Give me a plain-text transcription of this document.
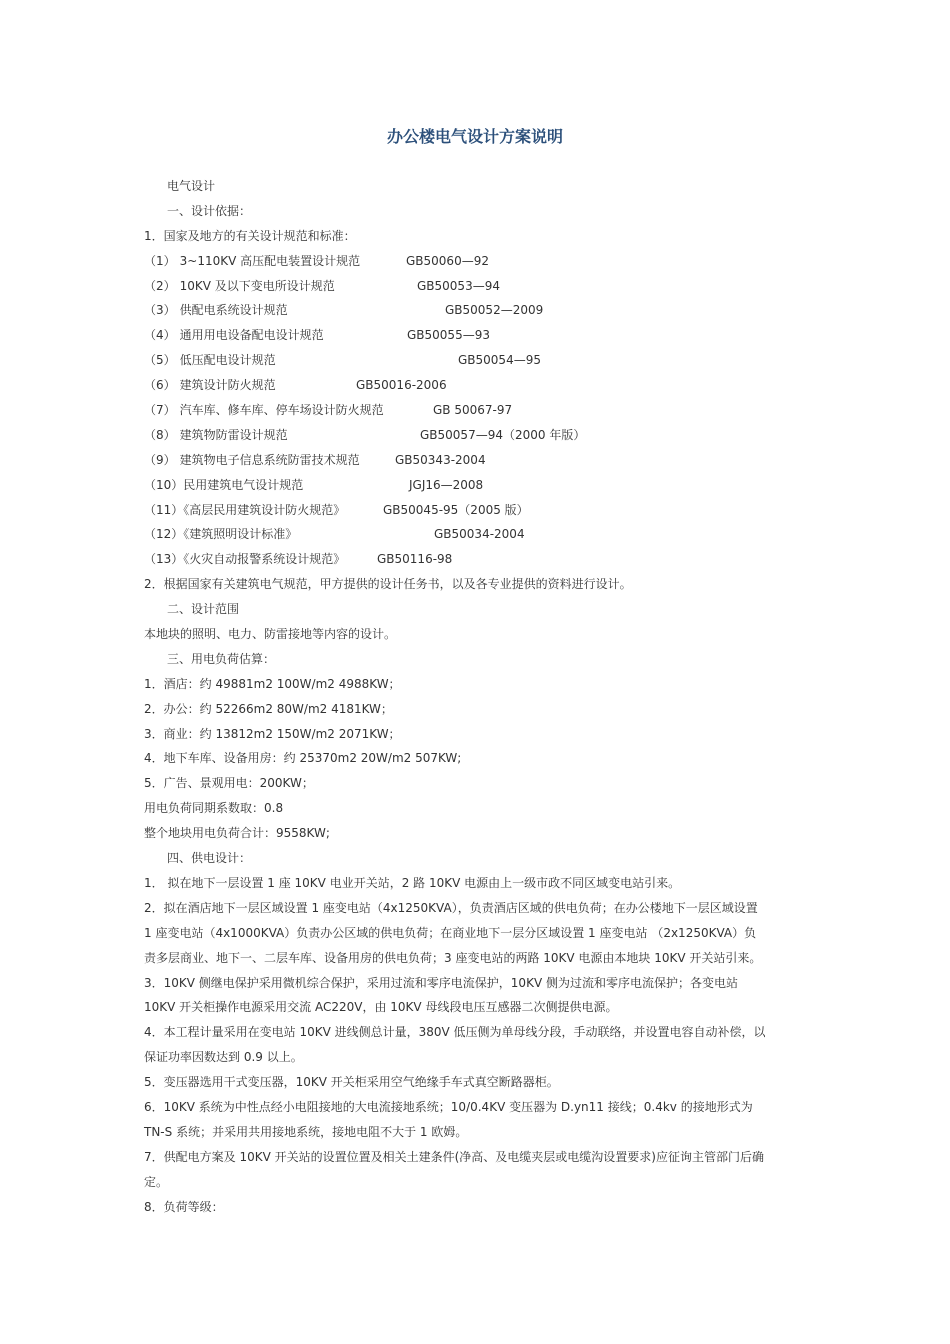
办公楼电气设计方案说明
电气设计
一、设计依据：
1．国家及地方的有关设计规范和标准：
（1） 3~110KV 高压配电装置设计规范	GB50060—92
（2） 10KV 及以下变电所设计规范	GB50053—94
（3） 供配电系统设计规范	GB50052—2009
（4） 通用用电设备配电设计规范	GB50055—93
（5） 低压配电设计规范	GB50054—95
（6） 建筑设计防火规范	GB50016-2006
（7） 汽车库、修车库、停车场设计防火规范	GB 50067-97
（8） 建筑物防雷设计规范	GB50057—94（2000 年版）
（9） 建筑物电子信息系统防雷技术规范	GB50343-2004
（10）民用建筑电气设计规范	JGJ16—2008
（11）《高层民用建筑设计防火规范》	GB50045-95（2005 版）
（12）《建筑照明设计标准》	GB50034-2004
（13）《火灾自动报警系统设计规范》	GB50116-98
2．根据国家有关建筑电气规范，甲方提供的设计任务书，以及各专业提供的资料进行设计。
二、设计范围
本地块的照明、电力、防雷接地等内容的设计。
三、用电负荷估算：
1．酒店：约 49881m2 100W/m2 4988KW；
2．办公：约 52266m2 80W/m2 4181KW；
3．商业：约 13812m2 150W/m2 2071KW；
4．地下车库、设备用房：约 25370m2 20W/m2 507KW;
5．广告、景观用电：200KW；
用电负荷同期系数取：0.8
整个地块用电负荷合计：9558KW;
四、供电设计：
1． 拟在地下一层设置 1 座 10KV 电业开关站，2 路 10KV 电源由上一级市政不同区域变电站引来。
2．拟在酒店地下一层区域设置 1 座变电站（4x1250KVA），负责酒店区域的供电负荷；在办公楼地下一层区域设置
1 座变电站（4x1000KVA）负责办公区域的供电负荷；在商业地下一层分区域设置 1 座变电站 （2x1250KVA）负
责多层商业、地下一、二层车库、设备用房的供电负荷；3 座变电站的两路 10KV 电源由本地块 10KV 开关站引来。
3．10KV 侧继电保护采用微机综合保护，采用过流和零序电流保护，10KV 侧为过流和零序电流保护；各变电站
10KV 开关柜操作电源采用交流 AC220V，由 10KV 母线段电压互感器二次侧提供电源。
4．本工程计量采用在变电站 10KV 进线侧总计量，380V 低压侧为单母线分段，手动联络，并设置电容自动补偿，以
保证功率因数达到 0.9 以上。
5．变压器选用干式变压器，10KV 开关柜采用空气绝缘手车式真空断路器柜。
6．10KV 系统为中性点经小电阻接地的大电流接地系统；10/0.4KV 变压器为 D.yn11 接线；0.4kv 的接地形式为
TN-S 系统；并采用共用接地系统，接地电阻不大于 1 欧姆。
7．供配电方案及 10KV 开关站的设置位置及相关土建条件(净高、及电缆夹层或电缆沟设置要求)应征询主管部门后确
定。
8．负荷等级：
